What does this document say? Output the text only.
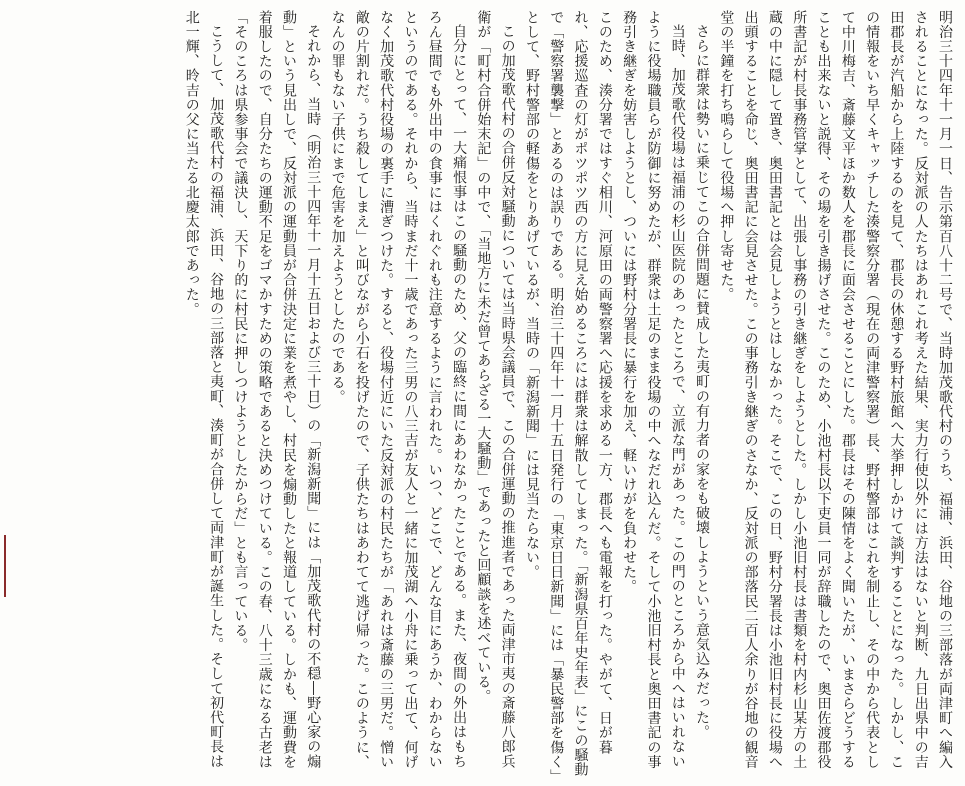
明治三十四年十一月一日、告示第百八十二号で、当時加茂歌代村のうち、福浦、浜田、谷地の三部落が両津町へ編入されることになった。反対派の人たちはあれこれ考えた結果、実力行使以外には方法はないと判断、九日出県中の吉田郡長が汽船から上陸するのを見て、郡長の休憩する野村旅館へ大挙押しかけて談判することになった。しかし、この情報をいち早くキャッチした湊警察分署（現在の両津警察署）長、野村警部はこれを制止し、その中から代表として中川梅吉、斎藤文平ほか数人を郡長に面会させることにした。郡長はその陳情をよく聞いたが、いまさらどうすることも出来ないと説得、その場を引き揚げさせた。このため、小池村長以下吏員一同が辞職したので、奥田佐渡郡役所書記が村長事務管掌として、出張し事務の引き継ぎをしようとした。しかし小池旧村長は書類を村内杉山某方の土蔵の中に隠して置き、奥田書記とは会見しようとはしなかった。そこで、この日、野村分署長は小池旧村長に役場へ出頭することを命じ、奥田書記に会見させた。この事務引き継ぎのさなか、反対派の部落民二百人余りが谷地の観音堂の半鐘を打ち鳴らして役場へ押し寄せた。

さらに群衆は勢いに乗じてこの合併問題に賛成した夷町の有力者の家をも破壊しようという意気込みだった。

当時、加茂歌代役場は福浦の杉山医院のあったところで、立派な門があった。この門のところから中へはいれないように役場職員らが防御に努めたが、群衆は土足のまま役場の中へなだれ込んだ。そして小池旧村長と奥田書記の事務引き継ぎを妨害しようとし、ついには野村分署長に暴行を加え、軽いけがを負わせた。

このため、湊分署ではすぐ相川、河原田の両警察署へ応援を求める一方、郡長へも電報を打った。やがて、日が暮れ、応援巡査の灯がポツポツ西の方に見え始めるころには群衆は解散してしまった。「新潟県百年史年表」にこの騒動で「警察署襲撃」とあるのは誤りである。明治三十四年十一月十五日発行の「東京日日新聞」には「暴民警部を傷く」として、野村警部の軽傷をとりあげているが、当時の「新潟新聞」には見当たらない。

この加茂歌代村の合併反対騒動については当時県会議員で、この合併運動の推進者であった両津市夷の斎藤八郎兵衛が「町村合併始末記」の中で、「当地方に未だ曾てあらざる一大騒動」であったと回顧談を述べている。

自分にとって、一大痛恨事はこの騒動のため、父の臨終に間にあわなかったことである。また、夜間の外出はもちろん昼間でも外出中の食事にはくれぐれも注意するように言われた。いつ、どこで、どんな目にあうか、わからないというのである。それから、当時まだ十一歳であった三男の八三吉が友人と一緒に加茂湖へ小舟に乗って出て、何げなく加茂歌代村役場の裏手に漕ぎつけた。すると、役場付近にいた反対派の村民たちが「あれは斎藤の三男だ。憎い敵の片割れだ。うち殺してしまえ」と叫びながら小石を投げたので、子供たちはあわてて逃げ帰った。このように、なんの罪もない子供にまで危害を加えようとしたのである。

それから、当時（明治三十四年十一月十五日および三十日）の「新潟新聞」には「加茂歌代村の不穏―野心家の煽動」という見出しで、反対派の運動員が合併決定に業を煮やし、村民を煽動したと報道している。しかも、運動費を着服したので、自分たちの運動不足をゴマかすための策略であると決めつけている。この春、八十三歳になる古老は「そのころは県参事会で議決し、天下り的に村民に押しつけようとしたからだ」とも言っている。

こうして、加茂歌代村の福浦、浜田、谷地の三部落と夷町、湊町が合併して両津町が誕生した。そして初代町長は北一輝、昤吉の父に当たる北慶太郎であった。
